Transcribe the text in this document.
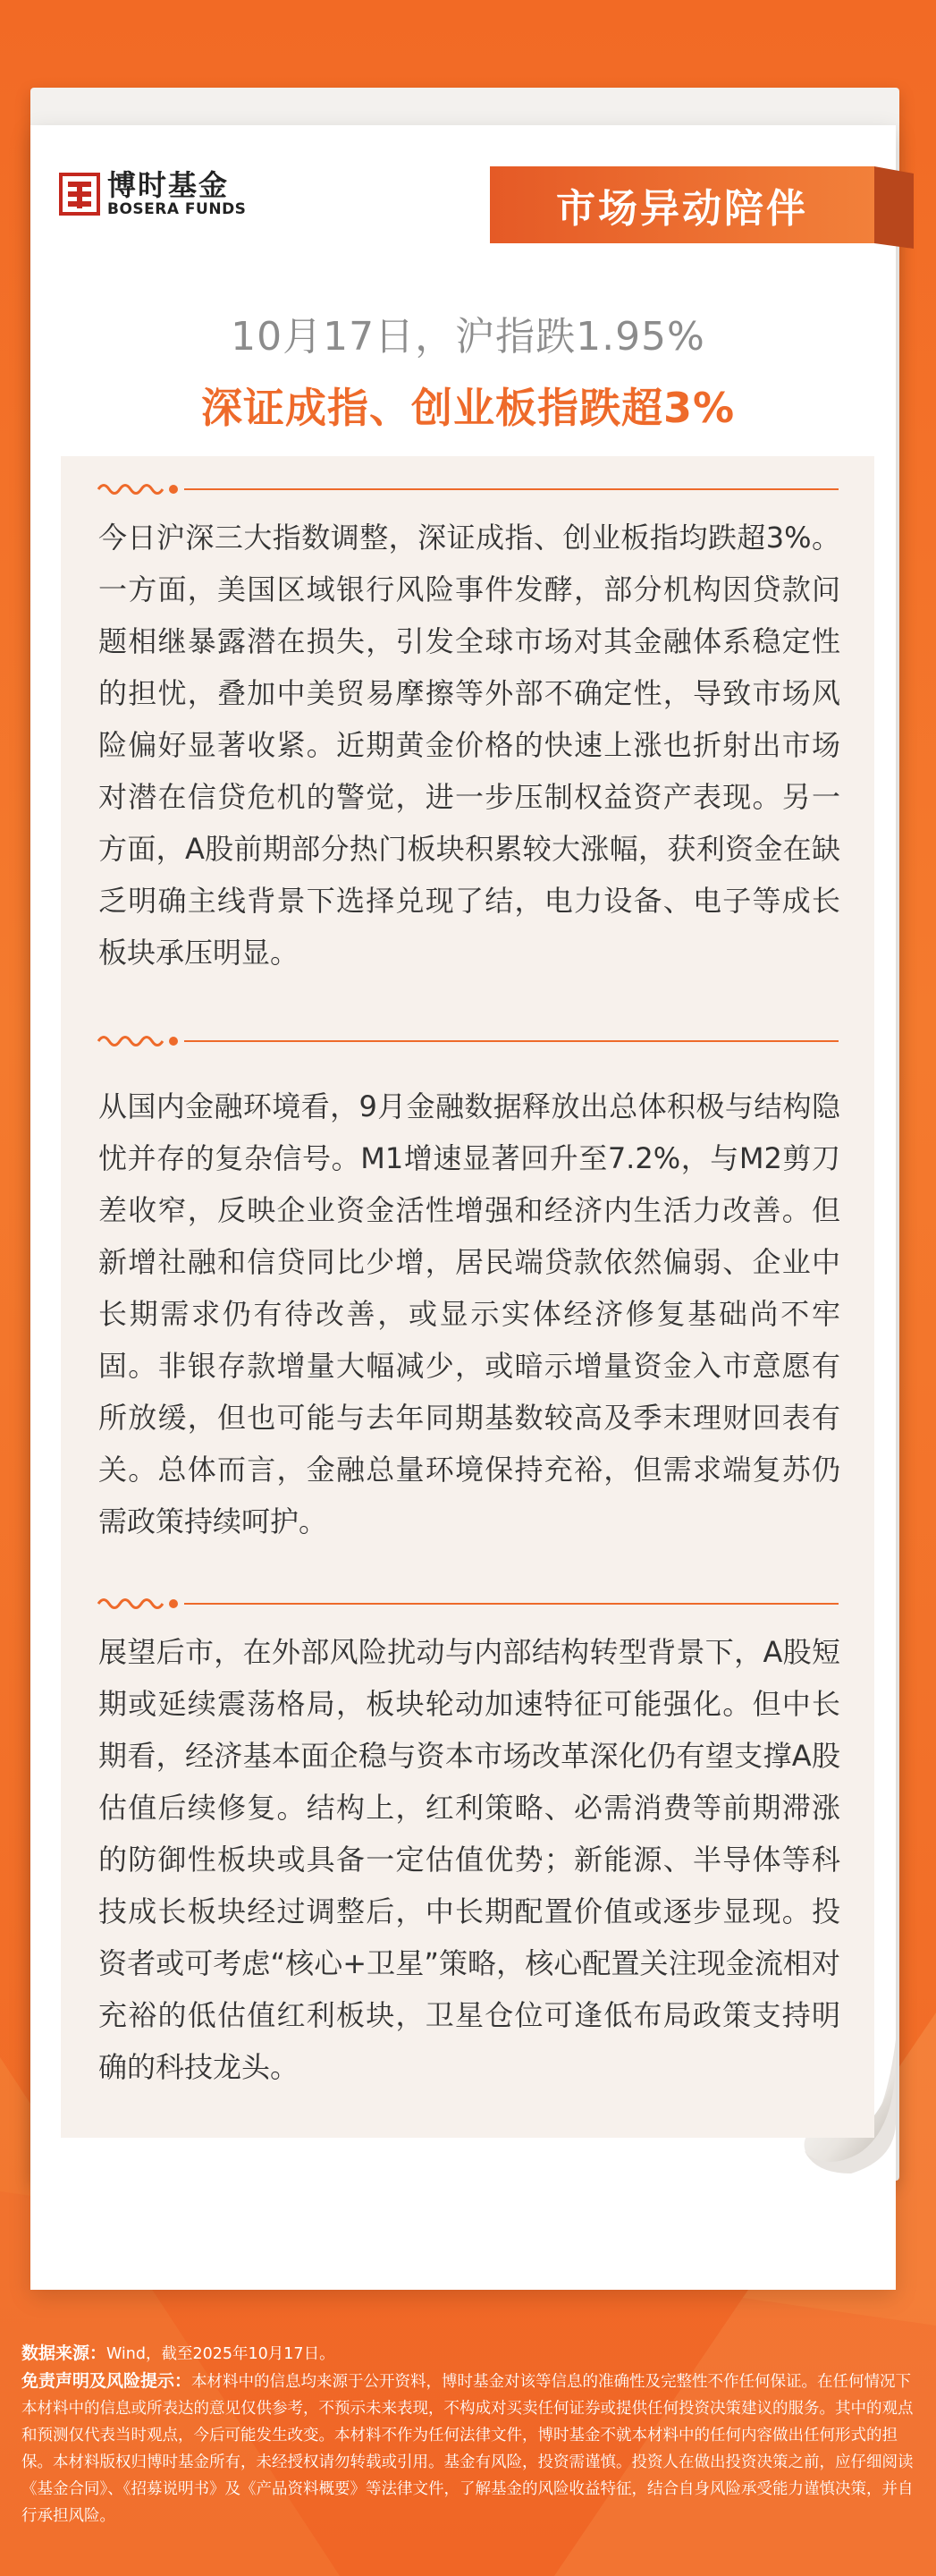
博时基金
BOSERA FUNDS	市场异动陪伴
10月17日，沪指跌1.95%
深证成指、创业板指跌超3%

今日沪深三大指数调整，深证成指、创业板指均跌超3%。一方面，美国区域银行风险事件发酵，部分机构因贷款问题相继暴露潜在损失，引发全球市场对其金融体系稳定性的担忧，叠加中美贸易摩擦等外部不确定性，导致市场风险偏好显著收紧。近期黄金价格的快速上涨也折射出市场对潜在信贷危机的警觉，进一步压制权益资产表现。另一方面，A股前期部分热门板块积累较大涨幅，获利资金在缺乏明确主线背景下选择兑现了结，电力设备、电子等成长板块承压明显。

从国内金融环境看，9月金融数据释放出总体积极与结构隐忧并存的复杂信号。M1增速显著回升至7.2%，与M2剪刀差收窄，反映企业资金活性增强和经济内生活力改善。但新增社融和信贷同比少增，居民端贷款依然偏弱、企业中长期需求仍有待改善，或显示实体经济修复基础尚不牢固。非银存款增量大幅减少，或暗示增量资金入市意愿有所放缓，但也可能与去年同期基数较高及季末理财回表有关。总体而言，金融总量环境保持充裕，但需求端复苏仍需政策持续呵护。

展望后市，在外部风险扰动与内部结构转型背景下，A股短期或延续震荡格局，板块轮动加速特征可能强化。但中长期看，经济基本面企稳与资本市场改革深化仍有望支撑A股估值后续修复。结构上，红利策略、必需消费等前期滞涨的防御性板块或具备一定估值优势；新能源、半导体等科技成长板块经过调整后，中长期配置价值或逐步显现。投资者或可考虑“核心+卫星”策略，核心配置关注现金流相对充裕的低估值红利板块，卫星仓位可逢低布局政策支持明确的科技龙头。

数据来源：Wind，截至2025年10月17日。

免责声明及风险提示：本材料中的信息均来源于公开资料，博时基金对该等信息的准确性及完整性不作任何保证。在任何情况下本材料中的信息或所表达的意见仅供参考，不预示未来表现，不构成对买卖任何证券或提供任何投资决策建议的服务。其中的观点和预测仅代表当时观点，今后可能发生改变。本材料不作为任何法律文件，博时基金不就本材料中的任何内容做出任何形式的担保。本材料版权归博时基金所有，未经授权请勿转载或引用。基金有风险，投资需谨慎。投资人在做出投资决策之前，应仔细阅读《基金合同》、《招募说明书》及《产品资料概要》等法律文件，了解基金的风险收益特征，结合自身风险承受能力谨慎决策，并自行承担风险。
